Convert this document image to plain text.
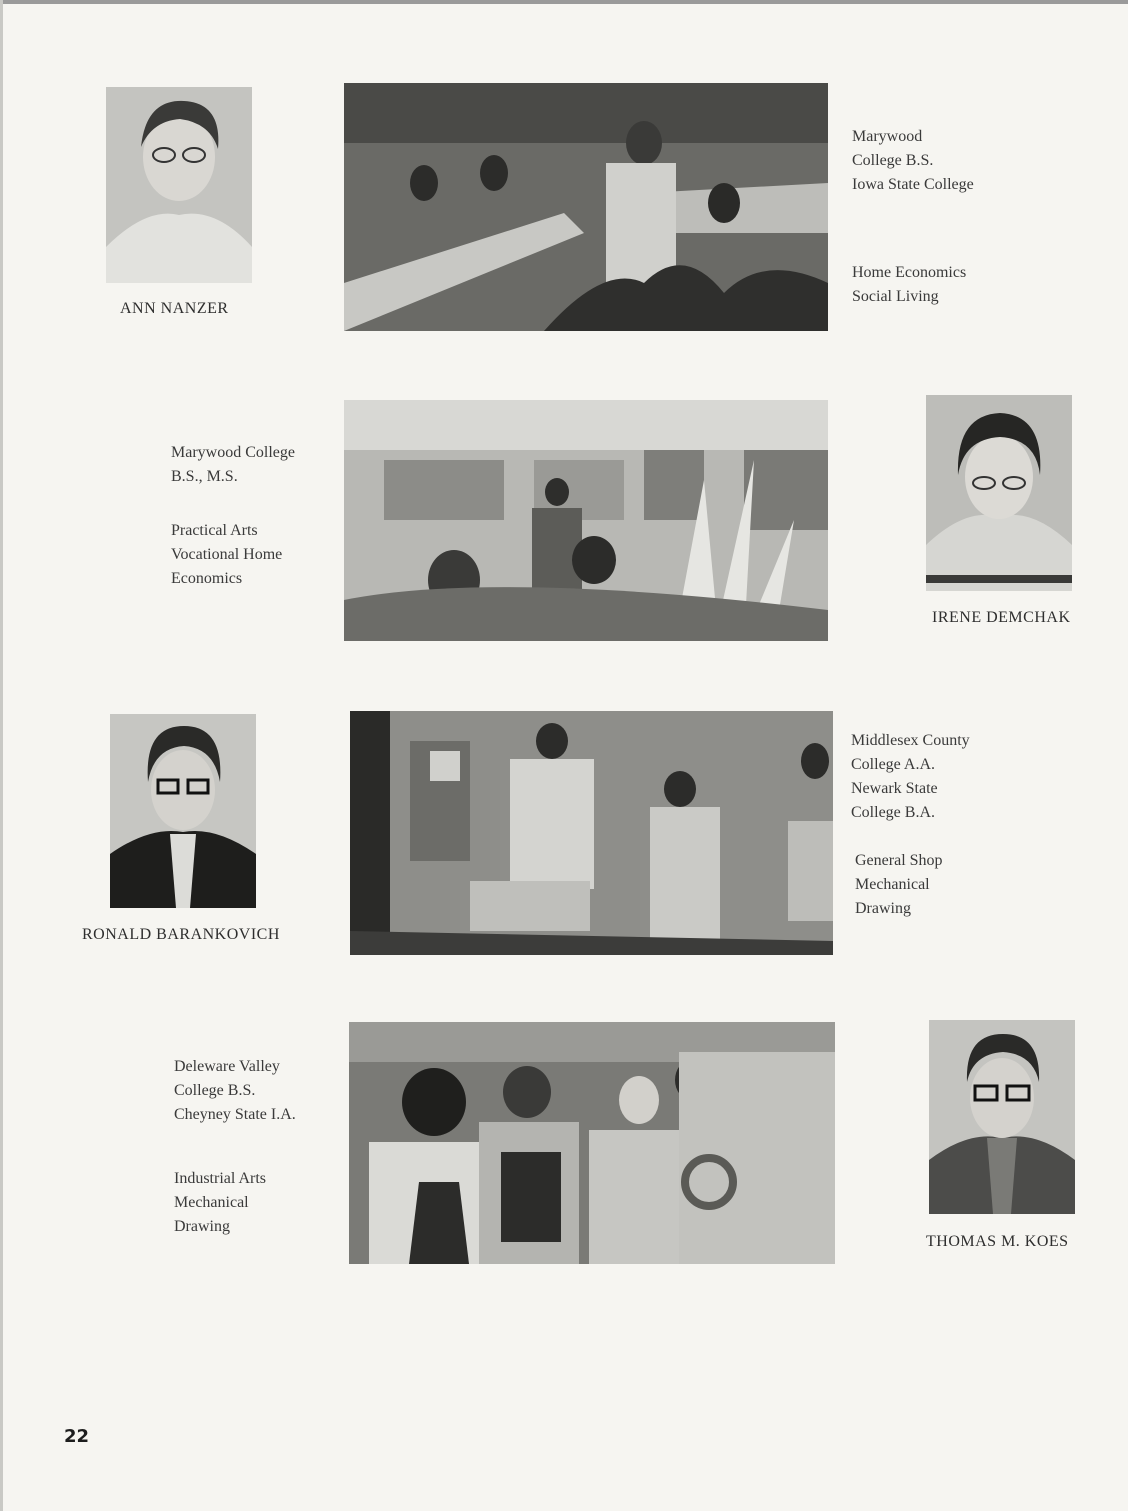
ANN NANZER

Marywood
College B.S.
Iowa State College
Home Economics
Social Living
Marywood College
B.S., M.S.
Practical Arts
Vocational Home
Economics

IRENE DEMCHAK

RONALD BARANKOVICH

Middlesex County
College A.A.
Newark State
College B.A.
General Shop
Mechanical
Drawing
Deleware Valley
College B.S.
Cheyney State I.A.
Industrial Arts
Mechanical
Drawing

THOMAS M. KOES

22
